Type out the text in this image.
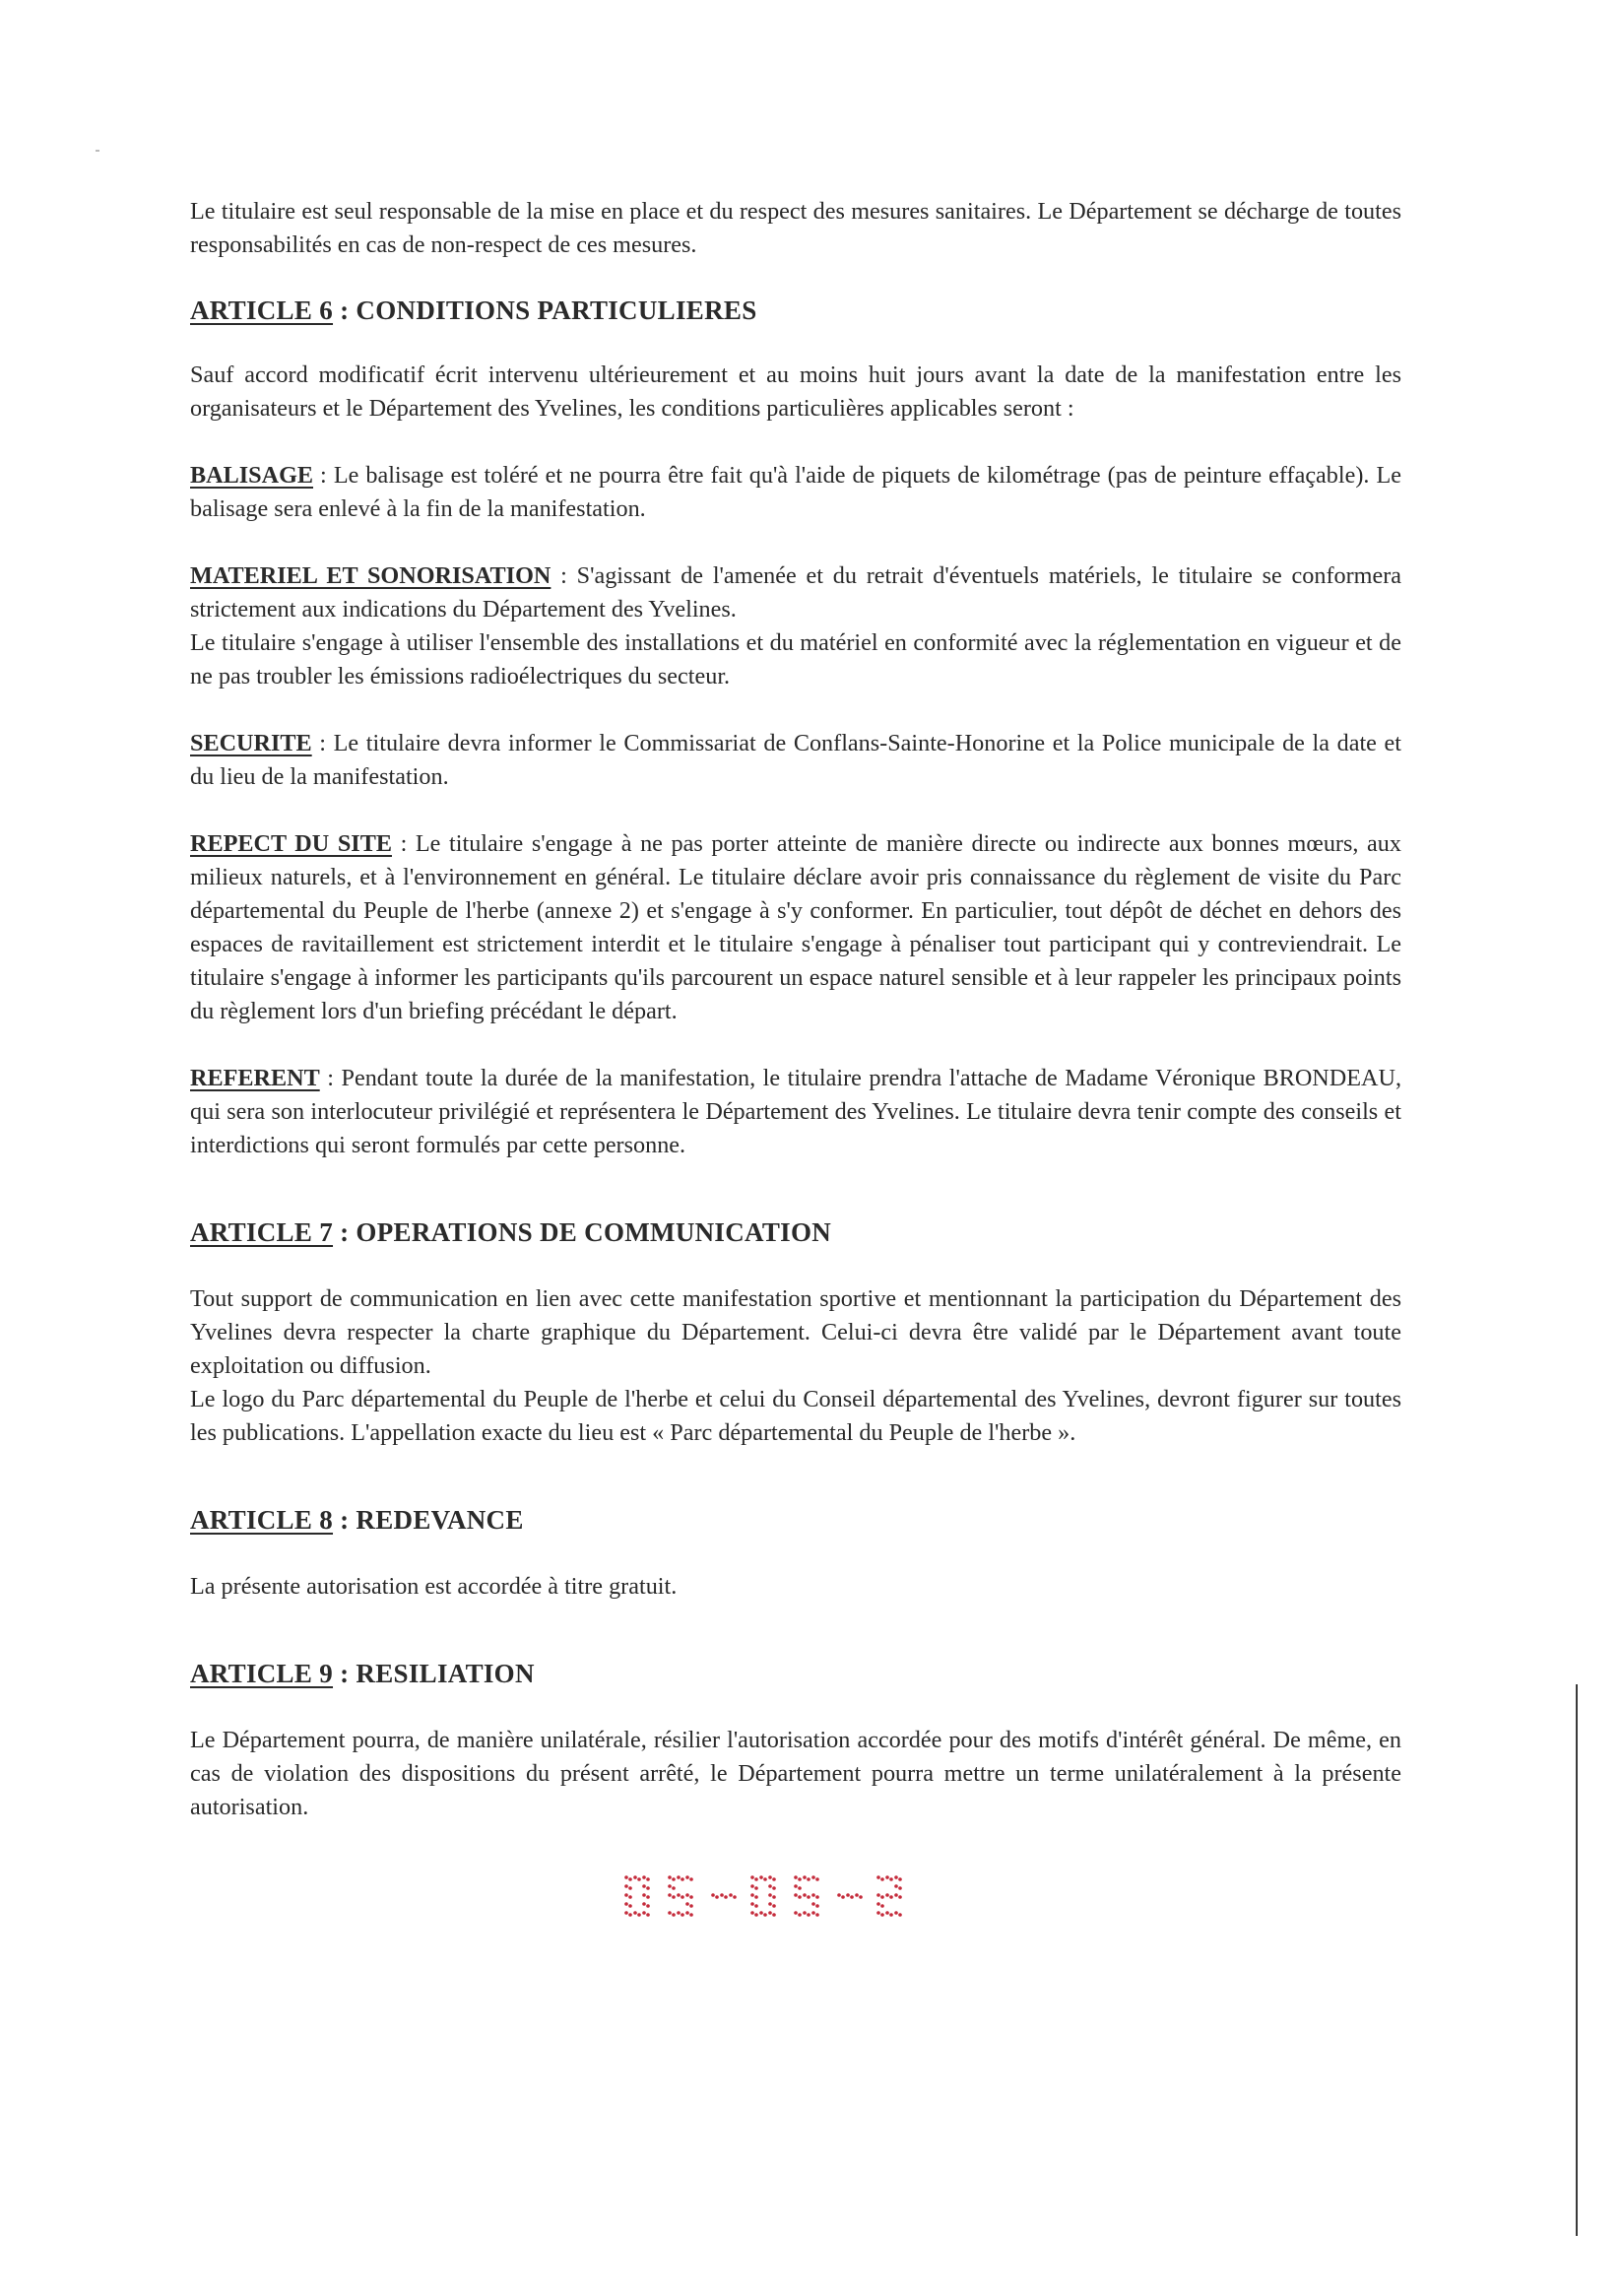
Le titulaire est seul responsable de la mise en place et du respect des mesures sanitaires. Le Département se décharge de toutes responsabilités en cas de non-respect de ces mesures.

ARTICLE 6 : CONDITIONS PARTICULIERES

Sauf accord modificatif écrit intervenu ultérieurement et au moins huit jours avant la date de la manifestation entre les organisateurs et le Département des Yvelines, les conditions particulières applicables seront :

BALISAGE : Le balisage est toléré et ne pourra être fait qu'à l'aide de piquets de kilométrage (pas de peinture effaçable). Le balisage sera enlevé à la fin de la manifestation.

MATERIEL ET SONORISATION : S'agissant de l'amenée et du retrait d'éventuels matériels, le titulaire se conformera strictement aux indications du Département des Yvelines.

Le titulaire s'engage à utiliser l'ensemble des installations et du matériel en conformité avec la réglementation en vigueur et de ne pas troubler les émissions radioélectriques du secteur.

SECURITE : Le titulaire devra informer le Commissariat de Conflans-Sainte-Honorine et la Police municipale de la date et du lieu de la manifestation.

REPECT DU SITE : Le titulaire s'engage à ne pas porter atteinte de manière directe ou indirecte aux bonnes mœurs, aux milieux naturels, et à l'environnement en général. Le titulaire déclare avoir pris connaissance du règlement de visite du Parc départemental du Peuple de l'herbe (annexe 2) et s'engage à s'y conformer. En particulier, tout dépôt de déchet en dehors des espaces de ravitaillement est strictement interdit et le titulaire s'engage à pénaliser tout participant qui y contreviendrait. Le titulaire s'engage à informer les participants qu'ils parcourent un espace naturel sensible et à leur rappeler les principaux points du règlement lors d'un briefing précédant le départ.

REFERENT : Pendant toute la durée de la manifestation, le titulaire prendra l'attache de Madame Véronique BRONDEAU, qui sera son interlocuteur privilégié et représentera le Département des Yvelines. Le titulaire devra tenir compte des conseils et interdictions qui seront formulés par cette personne.

ARTICLE 7 : OPERATIONS DE COMMUNICATION

Tout support de communication en lien avec cette manifestation sportive et mentionnant la participation du Département des Yvelines devra respecter la charte graphique du Département. Celui-ci devra être validé par le Département avant toute exploitation ou diffusion.

Le logo du Parc départemental du Peuple de l'herbe et celui du Conseil départemental des Yvelines, devront figurer sur toutes les publications. L'appellation exacte du lieu est « Parc départemental du Peuple de l'herbe ».

ARTICLE 8 : REDEVANCE

La présente autorisation est accordée à titre gratuit.

ARTICLE 9 : RESILIATION

Le Département pourra, de manière unilatérale, résilier l'autorisation accordée pour des motifs d'intérêt général. De même, en cas de violation des dispositions du présent arrêté, le Département pourra mettre un terme unilatéralement à la présente autorisation.
